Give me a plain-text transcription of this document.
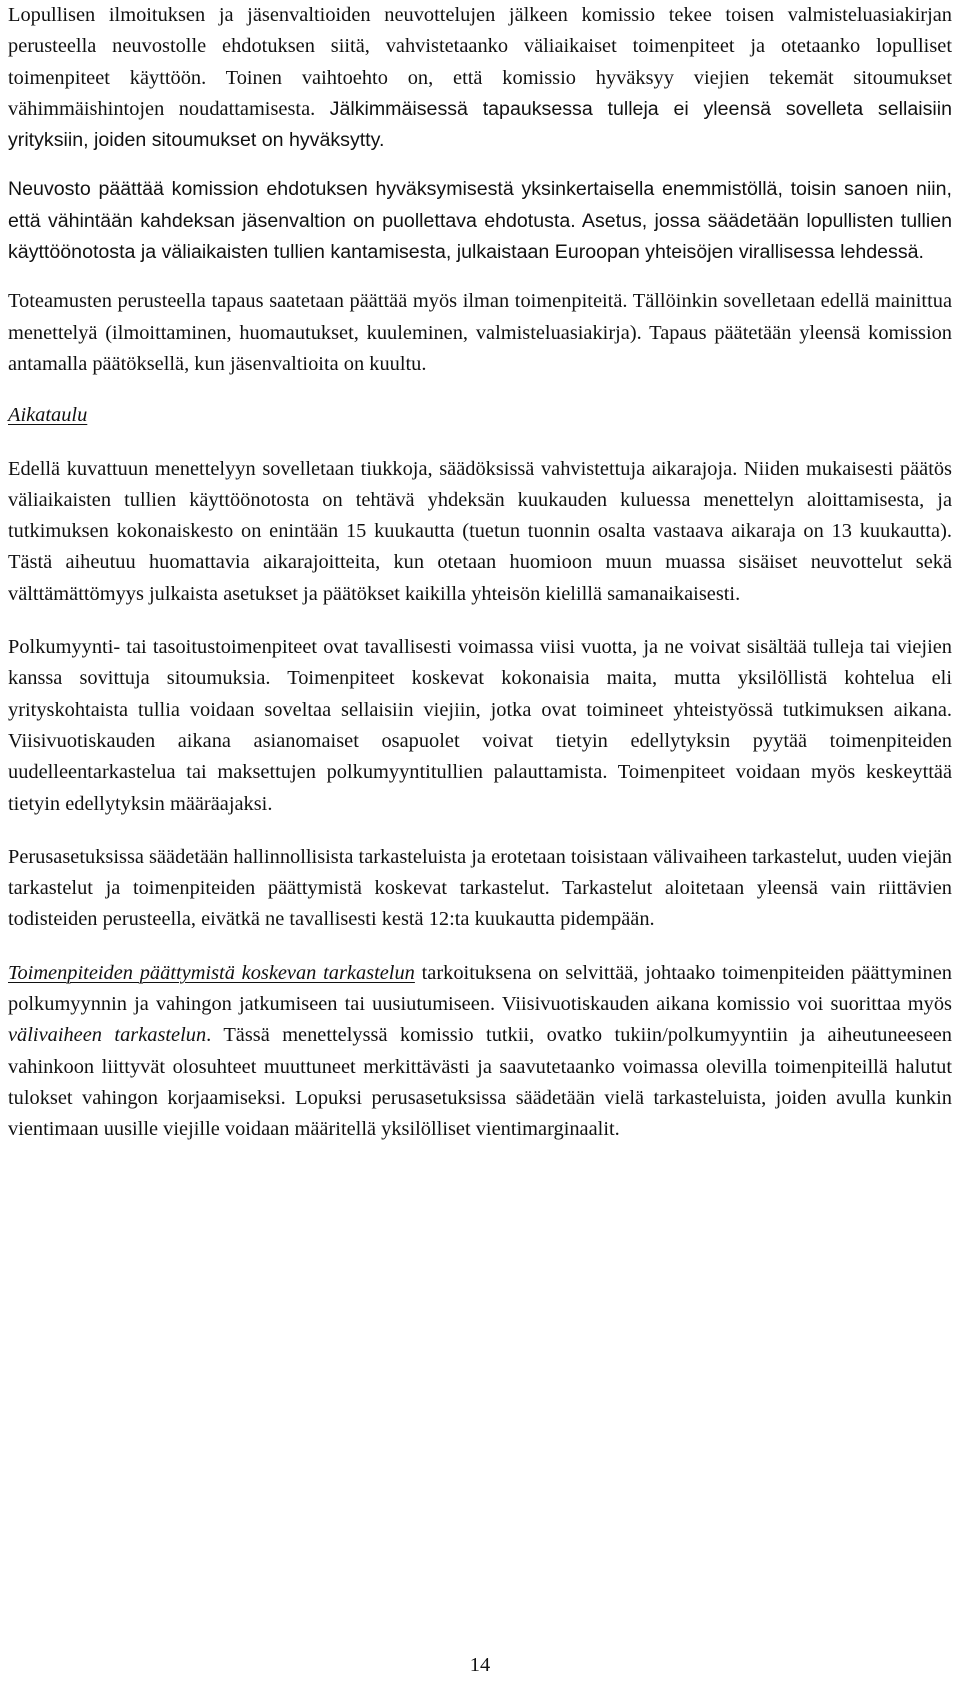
Lopullisen ilmoituksen ja jäsenvaltioiden neuvottelujen jälkeen komissio tekee toisen valmisteluasiakirjan perusteella neuvostolle ehdotuksen siitä, vahvistetaanko väliaikaiset toimenpiteet ja otetaanko lopulliset toimenpiteet käyttöön. Toinen vaihtoehto on, että komissio hyväksyy viejien tekemät sitoumukset vähimmäishintojen noudattamisesta. Jälkimmäisessä tapauksessa tulleja ei yleensä sovelleta sellaisiin yrityksiin, joiden sitoumukset on hyväksytty.

Neuvosto päättää komission ehdotuksen hyväksymisestä yksinkertaisella enemmistöllä, toisin sanoen niin, että vähintään kahdeksan jäsenvaltion on puollettava ehdotusta. Asetus, jossa säädetään lopullisten tullien käyttöönotosta ja väliaikaisten tullien kantamisesta, julkaistaan Euroopan yhteisöjen virallisessa lehdessä.

Toteamusten perusteella tapaus saatetaan päättää myös ilman toimenpiteitä. Tällöinkin sovelletaan edellä mainittua menettelyä (ilmoittaminen, huomautukset, kuuleminen, valmisteluasiakirja). Tapaus päätetään yleensä komission antamalla päätöksellä, kun jäsenvaltioita on kuultu.

Aikataulu

Edellä kuvattuun menettelyyn sovelletaan tiukkoja, säädöksissä vahvistettuja aikarajoja. Niiden mukaisesti päätös väliaikaisten tullien käyttöönotosta on tehtävä yhdeksän kuukauden kuluessa menettelyn aloittamisesta, ja tutkimuksen kokonaiskesto on enintään 15 kuukautta (tuetun tuonnin osalta vastaava aikaraja on 13 kuukautta). Tästä aiheutuu huomattavia aikarajoitteita, kun otetaan huomioon muun muassa sisäiset neuvottelut sekä välttämättömyys julkaista asetukset ja päätökset kaikilla yhteisön kielillä samanaikaisesti.

Polkumyynti- tai tasoitustoimenpiteet ovat tavallisesti voimassa viisi vuotta, ja ne voivat sisältää tulleja tai viejien kanssa sovittuja sitoumuksia. Toimenpiteet koskevat kokonaisia maita, mutta yksilöllistä kohtelua eli yrityskohtaista tullia voidaan soveltaa sellaisiin viejiin, jotka ovat toimineet yhteistyössä tutkimuksen aikana. Viisivuotiskauden aikana asianomaiset osapuolet voivat tietyin edellytyksin pyytää toimenpiteiden uudelleentarkastelua tai maksettujen polkumyyntitullien palauttamista. Toimenpiteet voidaan myös keskeyttää tietyin edellytyksin määräajaksi.

Perusasetuksissa säädetään hallinnollisista tarkasteluista ja erotetaan toisistaan välivaiheen tarkastelut, uuden viejän tarkastelut ja toimenpiteiden päättymistä koskevat tarkastelut. Tarkastelut aloitetaan yleensä vain riittävien todisteiden perusteella, eivätkä ne tavallisesti kestä 12:ta kuukautta pidempään.

Toimenpiteiden päättymistä koskevan tarkastelun tarkoituksena on selvittää, johtaako toimenpiteiden päättyminen polkumyynnin ja vahingon jatkumiseen tai uusiutumiseen. Viisivuotiskauden aikana komissio voi suorittaa myös välivaiheen tarkastelun. Tässä menettelyssä komissio tutkii, ovatko tukiin/polkumyyntiin ja aiheutuneeseen vahinkoon liittyvät olosuhteet muuttuneet merkittävästi ja saavutetaanko voimassa olevilla toimenpiteillä halutut tulokset vahingon korjaamiseksi. Lopuksi perusasetuksissa säädetään vielä tarkasteluista, joiden avulla kunkin vientimaan uusille viejille voidaan määritellä yksilölliset vientimarginaalit.

14
